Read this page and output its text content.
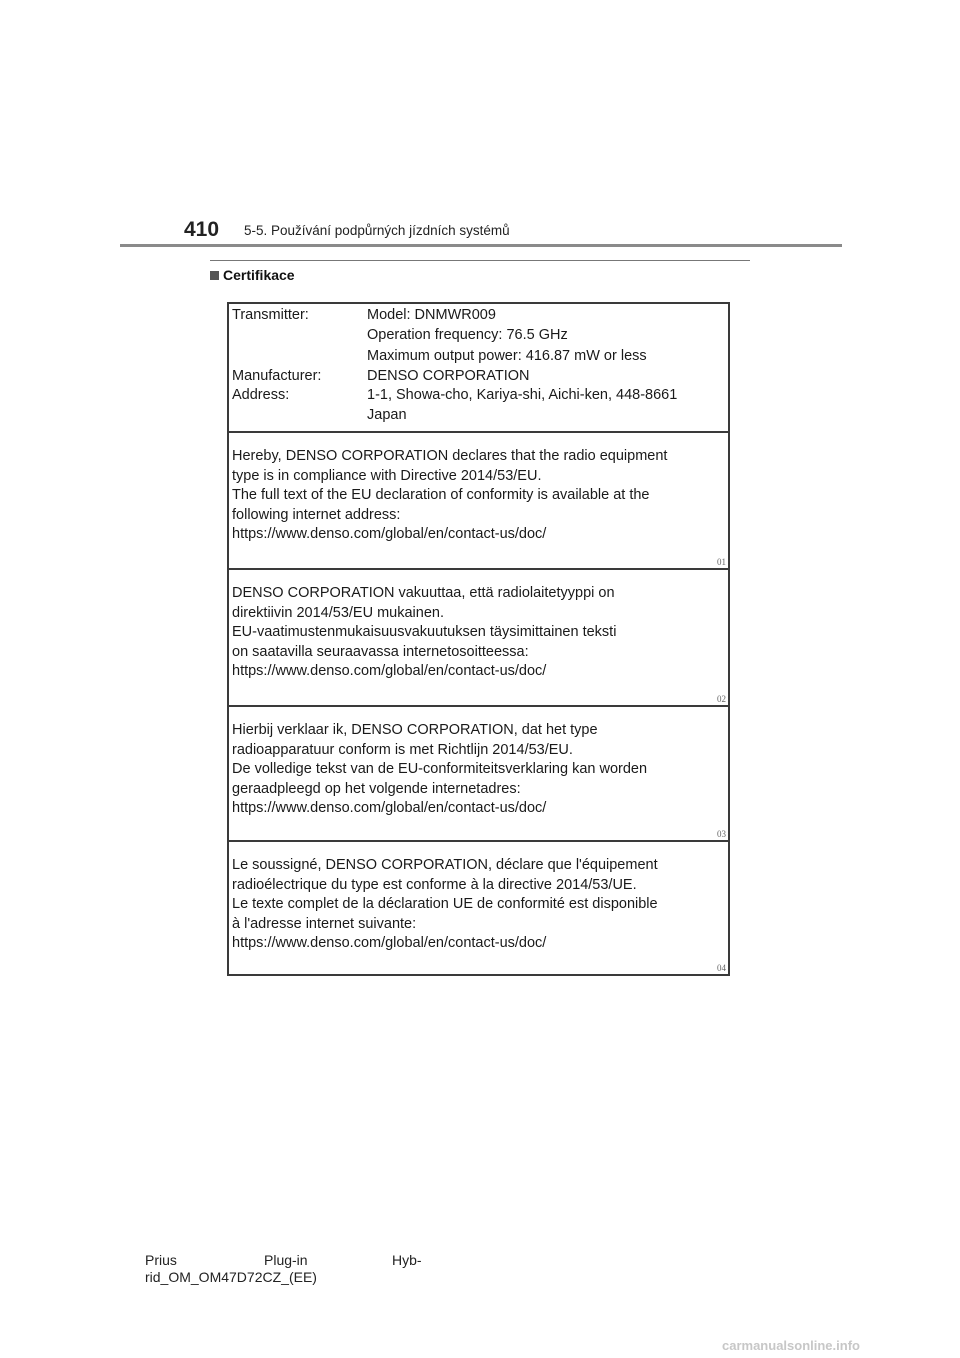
410 5-5. Používání podpůrných jízdních systémů
Certifikace
Transmitter:	Model: DNMWR009
Operation frequency: 76.5 GHz
Maximum output power: 416.87 mW or less
Manufacturer:	DENSO CORPORATION
Address:	1-1, Showa-cho, Kariya-shi, Aichi-ken, 448-8661
Japan
Hereby, DENSO CORPORATION declares that the radio equipment
type is in compliance with Directive 2014/53/EU.
The full text of the EU declaration of conformity is available at the
following internet address:
https://www.denso.com/global/en/contact-us/doc/
01
DENSO CORPORATION vakuuttaa, että radiolaitetyyppi on
direktiivin 2014/53/EU mukainen.
EU-vaatimustenmukaisuusvakuutuksen täysimittainen teksti
on saatavilla seuraavassa internetosoitteessa:
https://www.denso.com/global/en/contact-us/doc/
02
Hierbij verklaar ik, DENSO CORPORATION, dat het type
radioapparatuur conform is met Richtlijn 2014/53/EU.
De volledige tekst van de EU-conformiteitsverklaring kan worden
geraadpleegd op het volgende internetadres:
https://www.denso.com/global/en/contact-us/doc/
03
Le soussigné, DENSO CORPORATION, déclare que l'équipement
radioélectrique du type est conforme à la directive 2014/53/UE.
Le texte complet de la déclaration UE de conformité est disponible
à l'adresse internet suivante:
https://www.denso.com/global/en/contact-us/doc/
04
Prius	Plug-in	Hyb-
rid_OM_OM47D72CZ_(EE)
carmanualsonline.info
